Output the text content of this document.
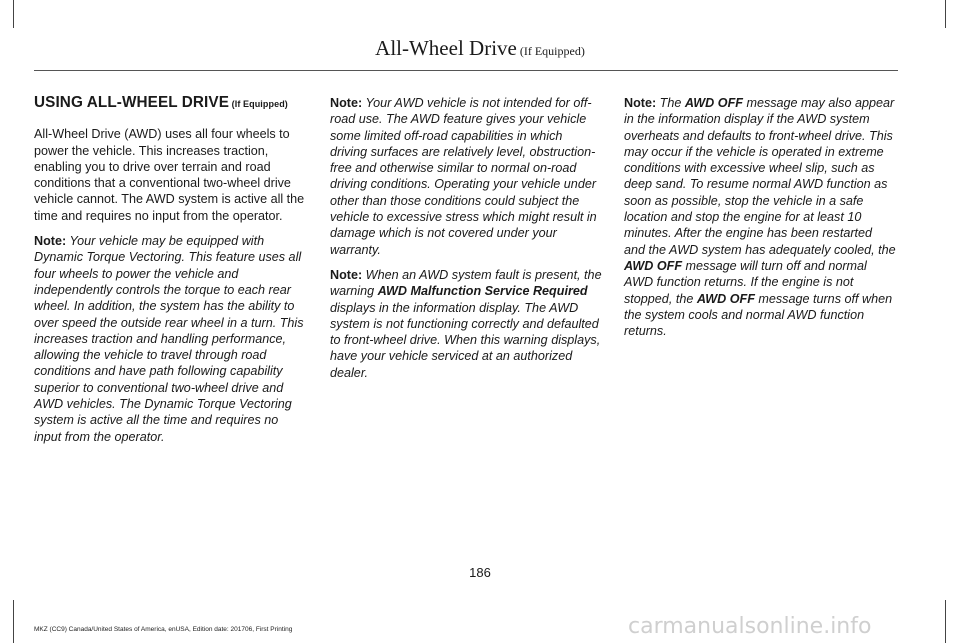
All-Wheel Drive (If Equipped)
USING ALL-WHEEL DRIVE (If Equipped)

All-Wheel Drive (AWD) uses all four wheels to power the vehicle. This increases traction, enabling you to drive over terrain and road conditions that a conventional two-wheel drive vehicle cannot. The AWD system is active all the time and requires no input from the operator.

Note: Your vehicle may be equipped with Dynamic Torque Vectoring. This feature uses all four wheels to power the vehicle and independently controls the torque to each rear wheel. In addition, the system has the ability to over speed the outside rear wheel in a turn. This increases traction and handling performance, allowing the vehicle to travel through road conditions and have path following capability superior to conventional two-wheel drive and AWD vehicles. The Dynamic Torque Vectoring system is active all the time and requires no input from the operator.

Note: Your AWD vehicle is not intended for off-road use. The AWD feature gives your vehicle some limited off-road capabilities in which driving surfaces are relatively level, obstruction-free and otherwise similar to normal on-road driving conditions. Operating your vehicle under other than those conditions could subject the vehicle to excessive stress which might result in damage which is not covered under your warranty.

Note: When an AWD system fault is present, the warning AWD Malfunction Service Required displays in the information display. The AWD system is not functioning correctly and defaulted to front-wheel drive. When this warning displays, have your vehicle serviced at an authorized dealer.

Note: The AWD OFF message may also appear in the information display if the AWD system overheats and defaults to front-wheel drive. This may occur if the vehicle is operated in extreme conditions with excessive wheel slip, such as deep sand. To resume normal AWD function as soon as possible, stop the vehicle in a safe location and stop the engine for at least 10 minutes. After the engine has been restarted and the AWD system has adequately cooled, the AWD OFF message will turn off and normal AWD function returns. If the engine is not stopped, the AWD OFF message turns off when the system cools and normal AWD function returns.

186
MKZ (CC9) Canada/United States of America, enUSA, Edition date: 201706, First Printing	carmanualsonline.info
